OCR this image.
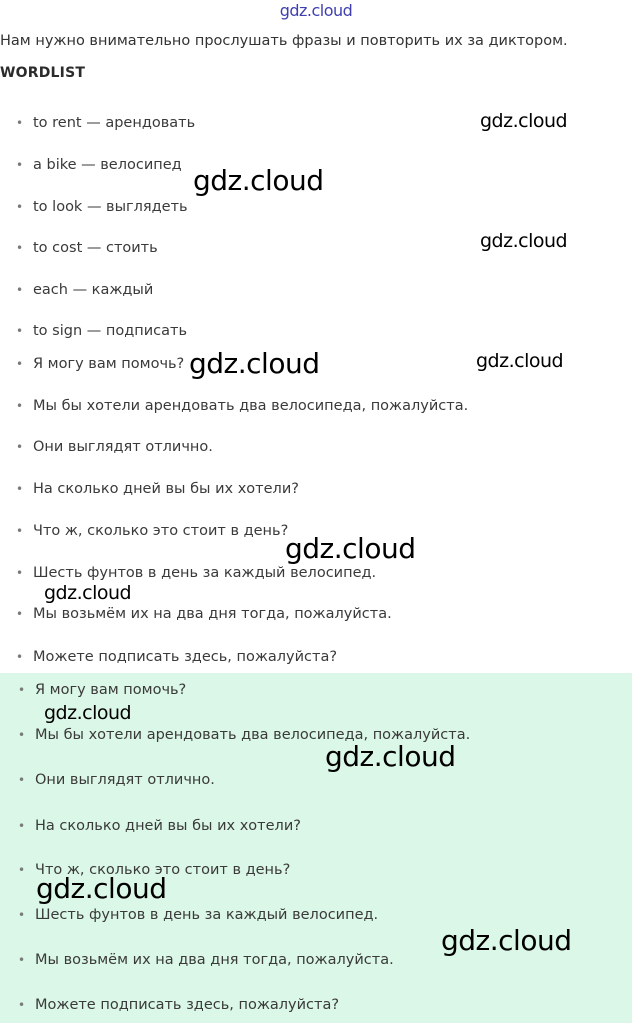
gdz.cloud
Нам нужно внимательно прослушать фразы и повторить их за диктором.
WORDLIST
• to rent — арендовать
• a bike — велосипед
• to look — выглядеть
• to cost — стоить
• each — каждый
• to sign — подписать
• Я могу вам помочь?
• Мы бы хотели арендовать два велосипеда, пожалуйста.
• Они выглядят отлично.
• На сколько дней вы бы их хотели?
• Что ж, сколько это стоит в день?
• Шесть фунтов в день за каждый велосипед.
• Мы возьмём их на два дня тогда, пожалуйста.
• Можете подписать здесь, пожалуйста?
• Я могу вам помочь?
• Мы бы хотели арендовать два велосипеда, пожалуйста.
• Они выглядят отлично.
• На сколько дней вы бы их хотели?
• Что ж, сколько это стоит в день?
• Шесть фунтов в день за каждый велосипед.
• Мы возьмём их на два дня тогда, пожалуйста.
• Можете подписать здесь, пожалуйста?
gdz.cloud
gdz.cloud
gdz.cloud
gdz.cloud	gdz.cloud
gdz.cloud
gdz.cloud
gdz.cloud
gdz.cloud
gdz.cloud
gdz.cloud
